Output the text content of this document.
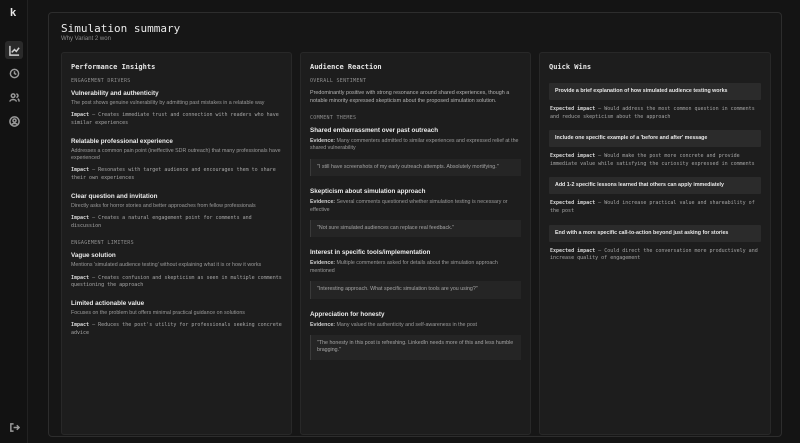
k
Simulation summary
Why Variant 2 won
Performance Insights
ENGAGEMENT DRIVERS
Vulnerability and authenticity
The post shows genuine vulnerability by admitting past mistakes in a relatable way
Impact — Creates immediate trust and connection with readers who have similar experiences
Relatable professional experience
Addresses a common pain point (ineffective SDR outreach) that many professionals have experienced
Impact — Resonates with target audience and encourages them to share their own experiences
Clear question and invitation
Directly asks for horror stories and better approaches from fellow professionals
Impact — Creates a natural engagement point for comments and discussion
ENGAGEMENT LIMITERS
Vague solution
Mentions 'simulated audience testing' without explaining what it is or how it works
Impact — Creates confusion and skepticism as seen in multiple comments questioning the approach
Limited actionable value
Focuses on the problem but offers minimal practical guidance on solutions
Impact — Reduces the post's utility for professionals seeking concrete advice
Audience Reaction
OVERALL SENTIMENT
Predominantly positive with strong resonance around shared experiences, though a notable minority expressed skepticism about the proposed simulation solution.
COMMENT THEMES
Shared embarrassment over past outreach
Evidence: Many commenters admitted to similar experiences and expressed relief at the shared vulnerability
"I still have screenshots of my early outreach attempts. Absolutely mortifying."
Skepticism about simulation approach
Evidence: Several comments questioned whether simulation testing is necessary or effective
"Not sure simulated audiences can replace real feedback."
Interest in specific tools/implementation
Evidence: Multiple commenters asked for details about the simulation approach mentioned
"Interesting approach. What specific simulation tools are you using?"
Appreciation for honesty
Evidence: Many valued the authenticity and self-awareness in the post
"The honesty in this post is refreshing. LinkedIn needs more of this and less humble bragging."
Quick Wins
Provide a brief explanation of how simulated audience testing works
Expected impact — Would address the most common question in comments and reduce skepticism about the approach
Include one specific example of a 'before and after' message
Expected impact — Would make the post more concrete and provide immediate value while satisfying the curiosity expressed in comments
Add 1-2 specific lessons learned that others can apply immediately
Expected impact — Would increase practical value and shareability of the post
End with a more specific call-to-action beyond just asking for stories
Expected impact — Could direct the conversation more productively and increase quality of engagement
